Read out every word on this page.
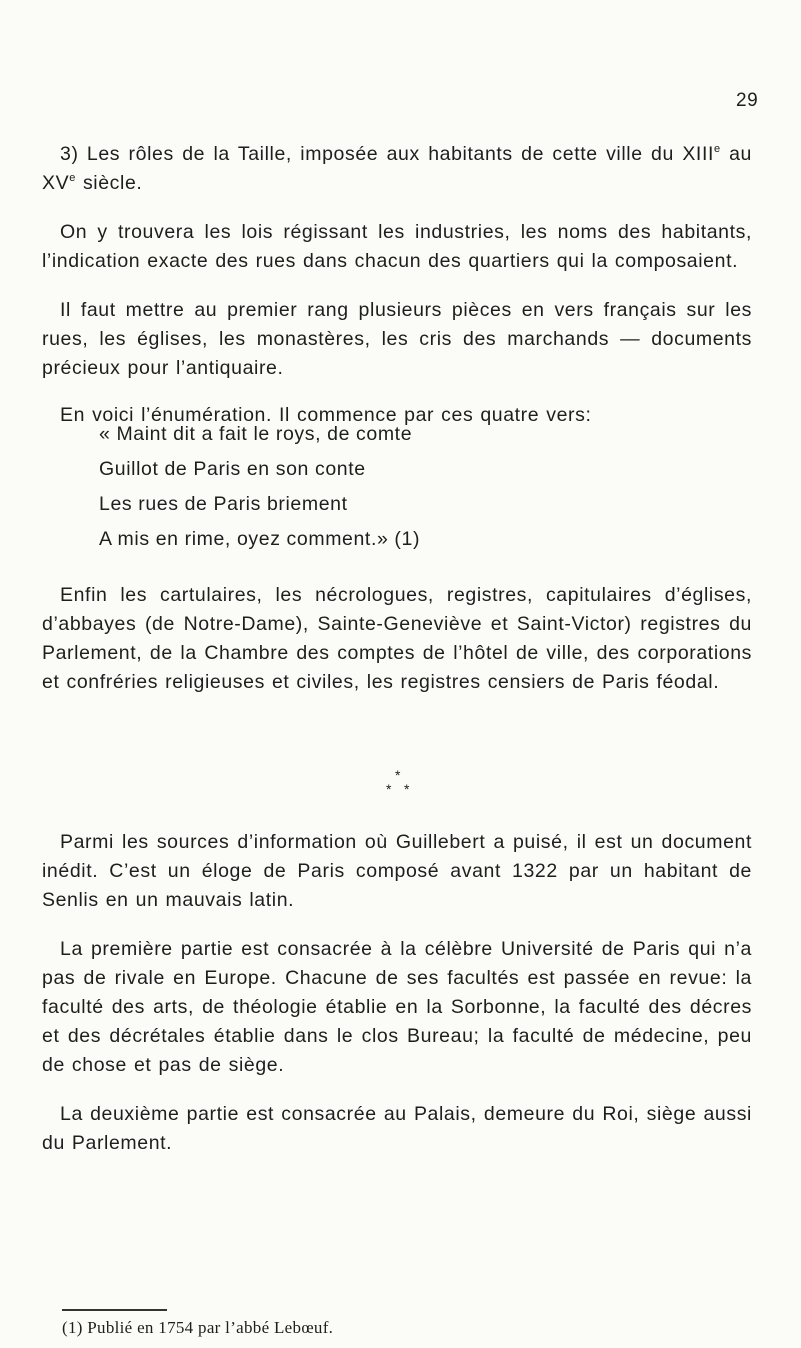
29

3) Les rôles de la Taille, imposée aux habitants de cette ville du XIIIe au XVe siècle.

On y trouvera les lois régissant les industries, les noms des habitants, l’indication exacte des rues dans chacun des quartiers qui la composaient.

Il faut mettre au premier rang plusieurs pièces en vers français sur les rues, les églises, les monastères, les cris des marchands — documents précieux pour l’antiquaire.

En voici l’énumération. Il commence par ces quatre vers:

« Maint dit a fait le roys, de comte
Guillot de Paris en son conte
Les rues de Paris briement
A mis en rime, oyez comment.» (1)

Enfin les cartulaires, les nécrologues, registres, capitulaires d’églises, d’abbayes (de Notre-Dame), Sainte-Geneviève et Saint-Victor) registres du Parlement, de la Chambre des comptes de l’hôtel de ville, des corporations et confréries religieuses et civiles, les registres censiers de Paris féodal.

*
* *

Parmi les sources d’information où Guillebert a puisé, il est un document inédit. C’est un éloge de Paris composé avant 1322 par un habitant de Senlis en un mauvais latin.

La première partie est consacrée à la célèbre Université de Paris qui n’a pas de rivale en Europe. Chacune de ses facultés est passée en revue: la faculté des arts, de théologie établie en la Sorbonne, la faculté des décres et des décrétales établie dans le clos Bureau; la faculté de médecine, peu de chose et pas de siège.

La deuxième partie est consacrée au Palais, demeure du Roi, siège aussi du Parlement.

(1) Publié en 1754 par l’abbé Lebœuf.
